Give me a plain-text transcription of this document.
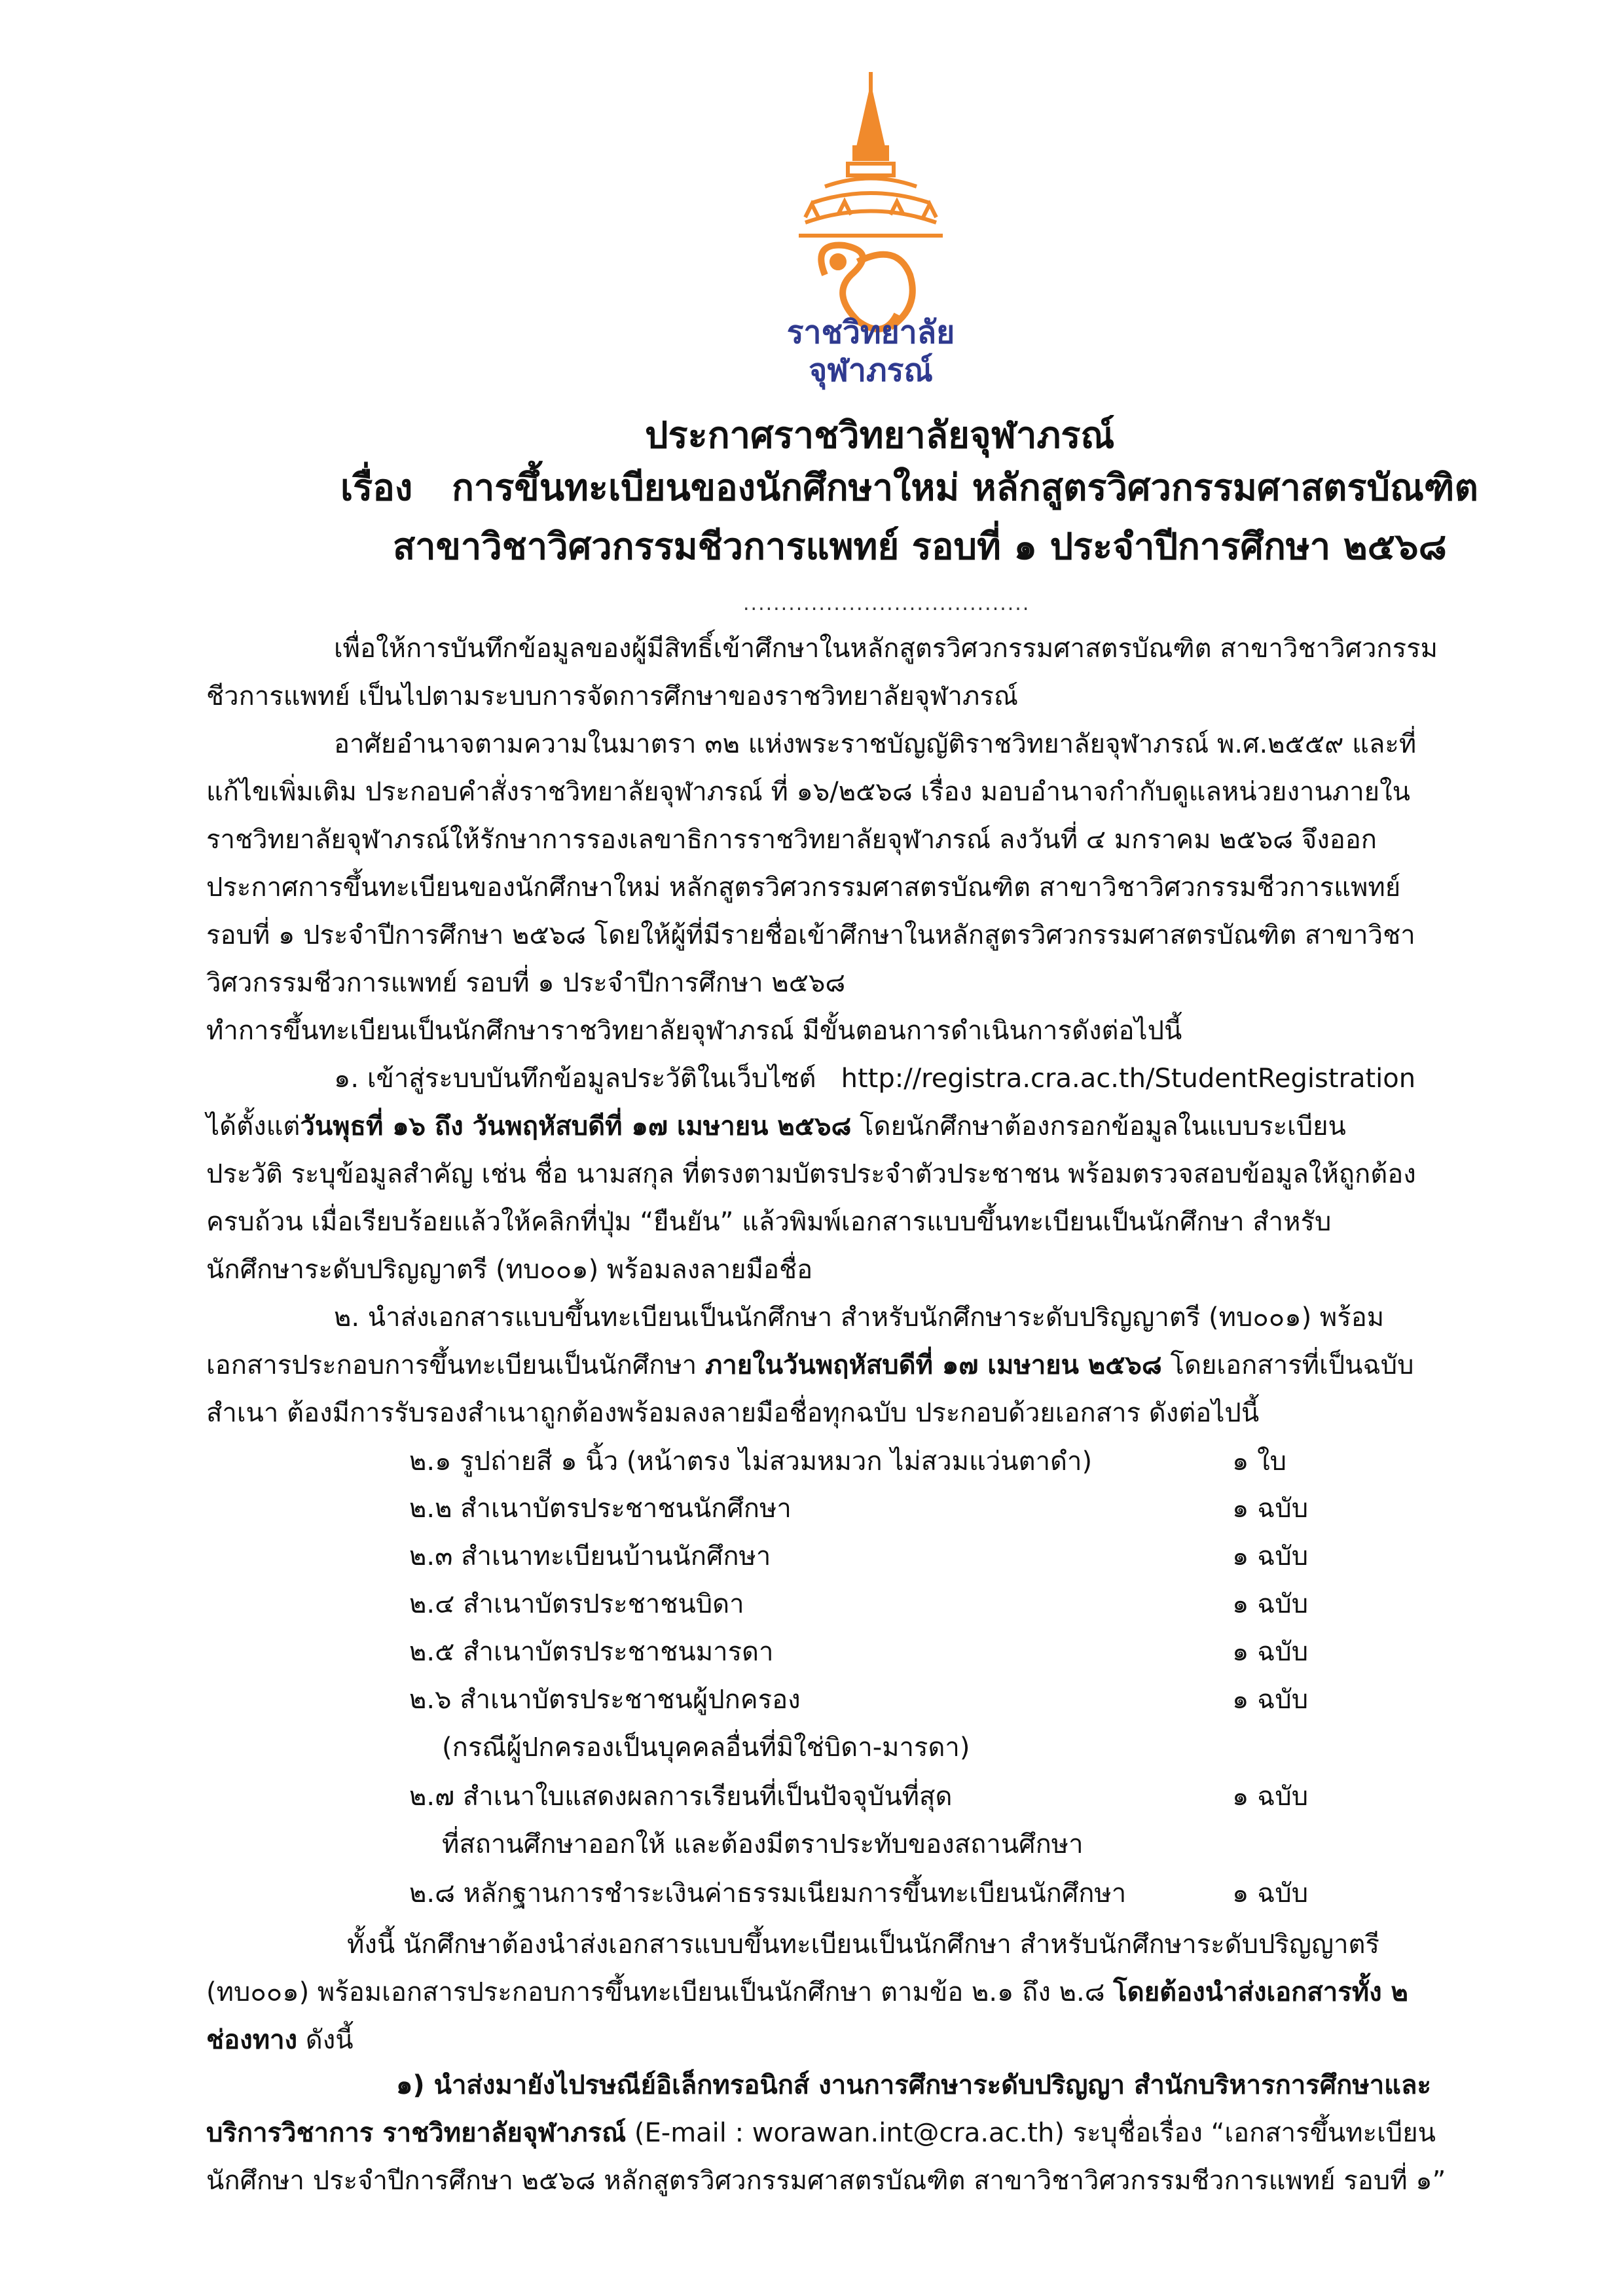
ราชวิทยาลัย
จุฬาภรณ์
ประกาศราชวิทยาลัยจุฬาภรณ์
เรื่อง การขึ้นทะเบียนของนักศึกษาใหม่ หลักสูตรวิศวกรรมศาสตรบัณฑิต
สาขาวิชาวิศวกรรมชีวการแพทย์ รอบที่ ๑ ประจำปีการศึกษา ๒๕๖๘
......................................
เพื่อให้การบันทึกข้อมูลของผู้มีสิทธิ์เข้าศึกษาในหลักสูตรวิศวกรรมศาสตรบัณฑิต สาขาวิชาวิศวกรรม
ชีวการแพทย์ เป็นไปตามระบบการจัดการศึกษาของราชวิทยาลัยจุฬาภรณ์
อาศัยอำนาจตามความในมาตรา ๓๒ แห่งพระราชบัญญัติราชวิทยาลัยจุฬาภรณ์ พ.ศ.๒๕๕๙ และที่
แก้ไขเพิ่มเติม ประกอบคำสั่งราชวิทยาลัยจุฬาภรณ์ ที่ ๑๖/๒๕๖๘ เรื่อง มอบอำนาจกำกับดูแลหน่วยงานภายใน
ราชวิทยาลัยจุฬาภรณ์ให้รักษาการรองเลขาธิการราชวิทยาลัยจุฬาภรณ์ ลงวันที่ ๔ มกราคม ๒๕๖๘ จึงออก
ประกาศการขึ้นทะเบียนของนักศึกษาใหม่ หลักสูตรวิศวกรรมศาสตรบัณฑิต สาขาวิชาวิศวกรรมชีวการแพทย์
รอบที่ ๑ ประจำปีการศึกษา ๒๕๖๘ โดยให้ผู้ที่มีรายชื่อเข้าศึกษาในหลักสูตรวิศวกรรมศาสตรบัณฑิต สาขาวิชา
วิศวกรรมชีวการแพทย์ รอบที่ ๑ ประจำปีการศึกษา ๒๕๖๘
ทำการขึ้นทะเบียนเป็นนักศึกษาราชวิทยาลัยจุฬาภรณ์ มีขั้นตอนการดำเนินการดังต่อไปนี้
๑. เข้าสู่ระบบบันทึกข้อมูลประวัติในเว็บไซต์ http://registra.cra.ac.th/StudentRegistration
ได้ตั้งแต่วันพุธที่ ๑๖ ถึง วันพฤหัสบดีที่ ๑๗ เมษายน ๒๕๖๘ โดยนักศึกษาต้องกรอกข้อมูลในแบบระเบียน
ประวัติ ระบุข้อมูลสำคัญ เช่น ชื่อ นามสกุล ที่ตรงตามบัตรประจำตัวประชาชน พร้อมตรวจสอบข้อมูลให้ถูกต้อง
ครบถ้วน เมื่อเรียบร้อยแล้วให้คลิกที่ปุ่ม “ยืนยัน” แล้วพิมพ์เอกสารแบบขึ้นทะเบียนเป็นนักศึกษา สำหรับ
นักศึกษาระดับปริญญาตรี (ทบ๐๐๑) พร้อมลงลายมือชื่อ
๒. นำส่งเอกสารแบบขึ้นทะเบียนเป็นนักศึกษา สำหรับนักศึกษาระดับปริญญาตรี (ทบ๐๐๑) พร้อม
เอกสารประกอบการขึ้นทะเบียนเป็นนักศึกษา ภายในวันพฤหัสบดีที่ ๑๗ เมษายน ๒๕๖๘ โดยเอกสารที่เป็นฉบับ
สำเนา ต้องมีการรับรองสำเนาถูกต้องพร้อมลงลายมือชื่อทุกฉบับ ประกอบด้วยเอกสาร ดังต่อไปนี้
๒.๑ รูปถ่ายสี ๑ นิ้ว (หน้าตรง ไม่สวมหมวก ไม่สวมแว่นตาดำ)	๑ ใบ
๒.๒ สำเนาบัตรประชาชนนักศึกษา	๑ ฉบับ
๒.๓ สำเนาทะเบียนบ้านนักศึกษา	๑ ฉบับ
๒.๔ สำเนาบัตรประชาชนบิดา	๑ ฉบับ
๒.๕ สำเนาบัตรประชาชนมารดา	๑ ฉบับ
๒.๖ สำเนาบัตรประชาชนผู้ปกครอง	๑ ฉบับ
(กรณีผู้ปกครองเป็นบุคคลอื่นที่มิใช่บิดา-มารดา)
๒.๗ สำเนาใบแสดงผลการเรียนที่เป็นปัจจุบันที่สุด	๑ ฉบับ
ที่สถานศึกษาออกให้ และต้องมีตราประทับของสถานศึกษา
๒.๘ หลักฐานการชำระเงินค่าธรรมเนียมการขึ้นทะเบียนนักศึกษา	๑ ฉบับ
ทั้งนี้ นักศึกษาต้องนำส่งเอกสารแบบขึ้นทะเบียนเป็นนักศึกษา สำหรับนักศึกษาระดับปริญญาตรี
(ทบ๐๐๑) พร้อมเอกสารประกอบการขึ้นทะเบียนเป็นนักศึกษา ตามข้อ ๒.๑ ถึง ๒.๘ โดยต้องนำส่งเอกสารทั้ง ๒
ช่องทาง ดังนี้
๑) นำส่งมายังไปรษณีย์อิเล็กทรอนิกส์ งานการศึกษาระดับปริญญา สำนักบริหารการศึกษาและ
บริการวิชาการ ราชวิทยาลัยจุฬาภรณ์ (E-mail : worawan.int@cra.ac.th) ระบุชื่อเรื่อง “เอกสารขึ้นทะเบียน
นักศึกษา ประจำปีการศึกษา ๒๕๖๘ หลักสูตรวิศวกรรมศาสตรบัณฑิต สาขาวิชาวิศวกรรมชีวการแพทย์ รอบที่ ๑”
